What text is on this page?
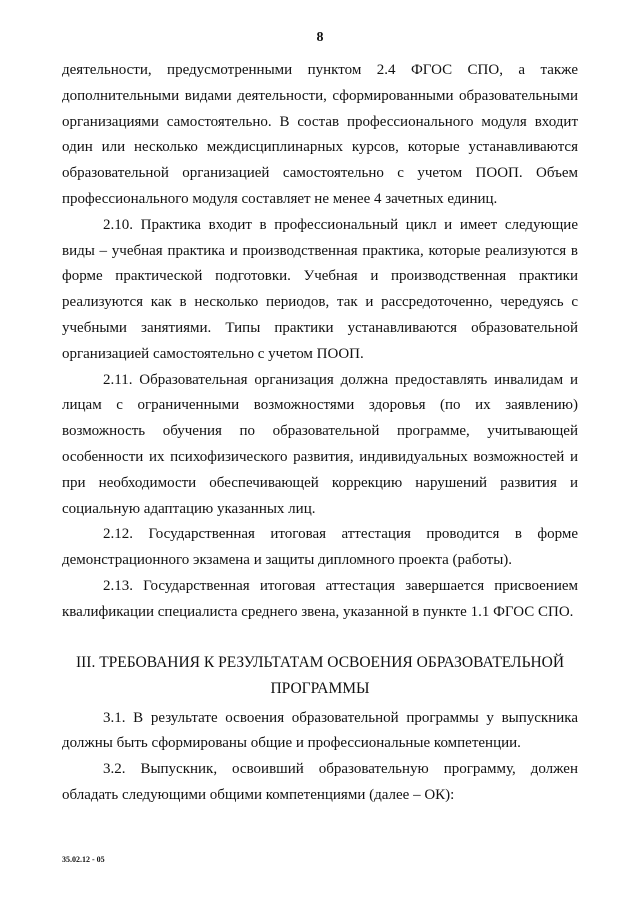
8

деятельности, предусмотренными пунктом 2.4 ФГОС СПО, а также дополнительными видами деятельности, сформированными образовательными организациями самостоятельно. В состав профессионального модуля входит один или несколько междисциплинарных курсов, которые устанавливаются образовательной организацией самостоятельно с учетом ПООП. Объем профессионального модуля составляет не менее 4 зачетных единиц.

2.10. Практика входит в профессиональный цикл и имеет следующие виды – учебная практика и производственная практика, которые реализуются в форме практической подготовки. Учебная и производственная практики реализуются как в несколько периодов, так и рассредоточенно, чередуясь с учебными занятиями. Типы практики устанавливаются образовательной организацией самостоятельно с учетом ПООП.

2.11. Образовательная организация должна предоставлять инвалидам и лицам с ограниченными возможностями здоровья (по их заявлению) возможность обучения по образовательной программе, учитывающей особенности их психофизического развития, индивидуальных возможностей и при необходимости обеспечивающей коррекцию нарушений развития и социальную адаптацию указанных лиц.

2.12. Государственная итоговая аттестация проводится в форме демонстрационного экзамена и защиты дипломного проекта (работы).

2.13. Государственная итоговая аттестация завершается присвоением квалификации специалиста среднего звена, указанной в пункте 1.1 ФГОС СПО.

III. ТРЕБОВАНИЯ К РЕЗУЛЬТАТАМ ОСВОЕНИЯ ОБРАЗОВАТЕЛЬНОЙ
ПРОГРАММЫ

3.1. В результате освоения образовательной программы у выпускника должны быть сформированы общие и профессиональные компетенции.

3.2. Выпускник, освоивший образовательную программу, должен обладать следующими общими компетенциями (далее – ОК):

35.02.12 - 05
